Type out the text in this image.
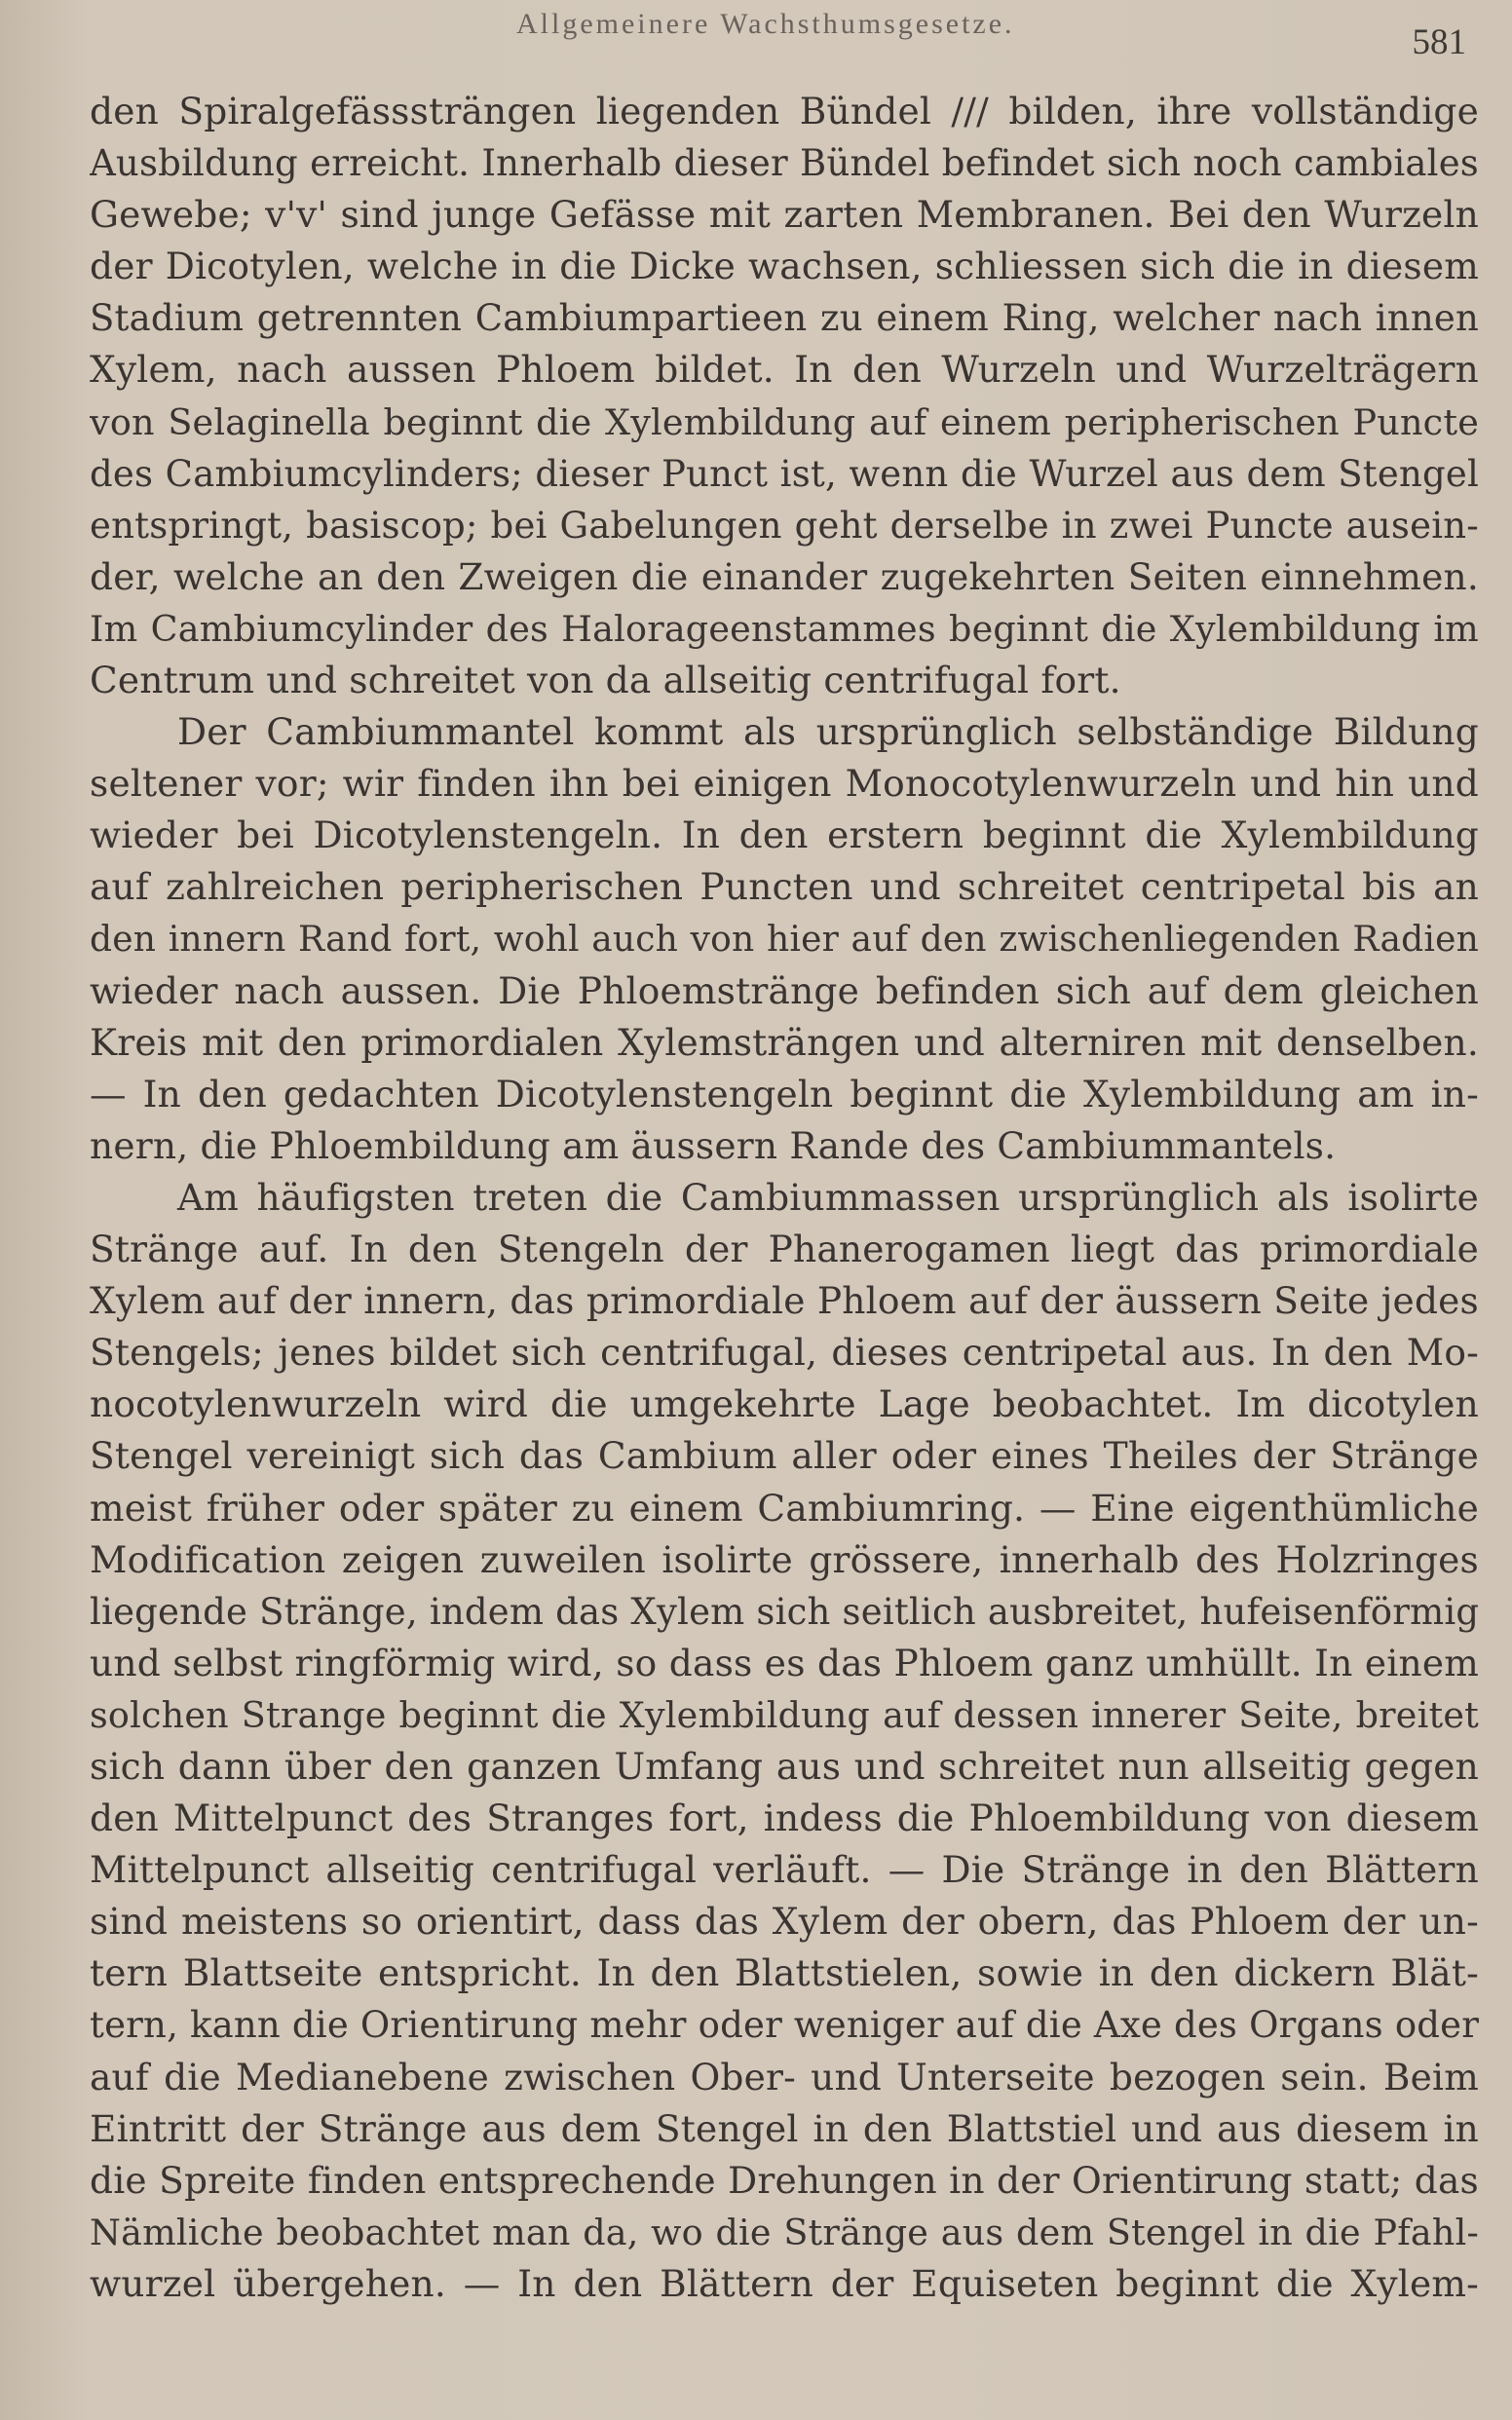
Allgemeinere Wachsthumsgesetze.	581
den Spiralgefässsträngen liegenden Bündel /// bilden, ihre vollständige
Ausbildung erreicht. Innerhalb dieser Bündel befindet sich noch cambiales
Gewebe; v'v' sind junge Gefässe mit zarten Membranen. Bei den Wurzeln
der Dicotylen, welche in die Dicke wachsen, schliessen sich die in diesem
Stadium getrennten Cambiumpartieen zu einem Ring, welcher nach innen
Xylem, nach aussen Phloem bildet. In den Wurzeln und Wurzelträgern
von Selaginella beginnt die Xylembildung auf einem peripherischen Puncte
des Cambiumcylinders; dieser Punct ist, wenn die Wurzel aus dem Stengel
entspringt, basiscop; bei Gabelungen geht derselbe in zwei Puncte ausein-
der, welche an den Zweigen die einander zugekehrten Seiten einnehmen.
Im Cambiumcylinder des Halorageenstammes beginnt die Xylembildung im
Centrum und schreitet von da allseitig centrifugal fort.
Der Cambiummantel kommt als ursprünglich selbständige Bildung
seltener vor; wir finden ihn bei einigen Monocotylenwurzeln und hin und
wieder bei Dicotylenstengeln. In den erstern beginnt die Xylembildung
auf zahlreichen peripherischen Puncten und schreitet centripetal bis an
den innern Rand fort, wohl auch von hier auf den zwischenliegenden Radien
wieder nach aussen. Die Phloemstränge befinden sich auf dem gleichen
Kreis mit den primordialen Xylemsträngen und alterniren mit denselben.
— In den gedachten Dicotylenstengeln beginnt die Xylembildung am in-
nern, die Phloembildung am äussern Rande des Cambiummantels.
Am häufigsten treten die Cambiummassen ursprünglich als isolirte
Stränge auf. In den Stengeln der Phanerogamen liegt das primordiale
Xylem auf der innern, das primordiale Phloem auf der äussern Seite jedes
Stengels; jenes bildet sich centrifugal, dieses centripetal aus. In den Mo-
nocotylenwurzeln wird die umgekehrte Lage beobachtet. Im dicotylen
Stengel vereinigt sich das Cambium aller oder eines Theiles der Stränge
meist früher oder später zu einem Cambiumring. — Eine eigenthümliche
Modification zeigen zuweilen isolirte grössere, innerhalb des Holzringes
liegende Stränge, indem das Xylem sich seitlich ausbreitet, hufeisenförmig
und selbst ringförmig wird, so dass es das Phloem ganz umhüllt. In einem
solchen Strange beginnt die Xylembildung auf dessen innerer Seite, breitet
sich dann über den ganzen Umfang aus und schreitet nun allseitig gegen
den Mittelpunct des Stranges fort, indess die Phloembildung von diesem
Mittelpunct allseitig centrifugal verläuft. — Die Stränge in den Blättern
sind meistens so orientirt, dass das Xylem der obern, das Phloem der un-
tern Blattseite entspricht. In den Blattstielen, sowie in den dickern Blät-
tern, kann die Orientirung mehr oder weniger auf die Axe des Organs oder
auf die Medianebene zwischen Ober- und Unterseite bezogen sein. Beim
Eintritt der Stränge aus dem Stengel in den Blattstiel und aus diesem in
die Spreite finden entsprechende Drehungen in der Orientirung statt; das
Nämliche beobachtet man da, wo die Stränge aus dem Stengel in die Pfahl-
wurzel übergehen. — In den Blättern der Equiseten beginnt die Xylem-
